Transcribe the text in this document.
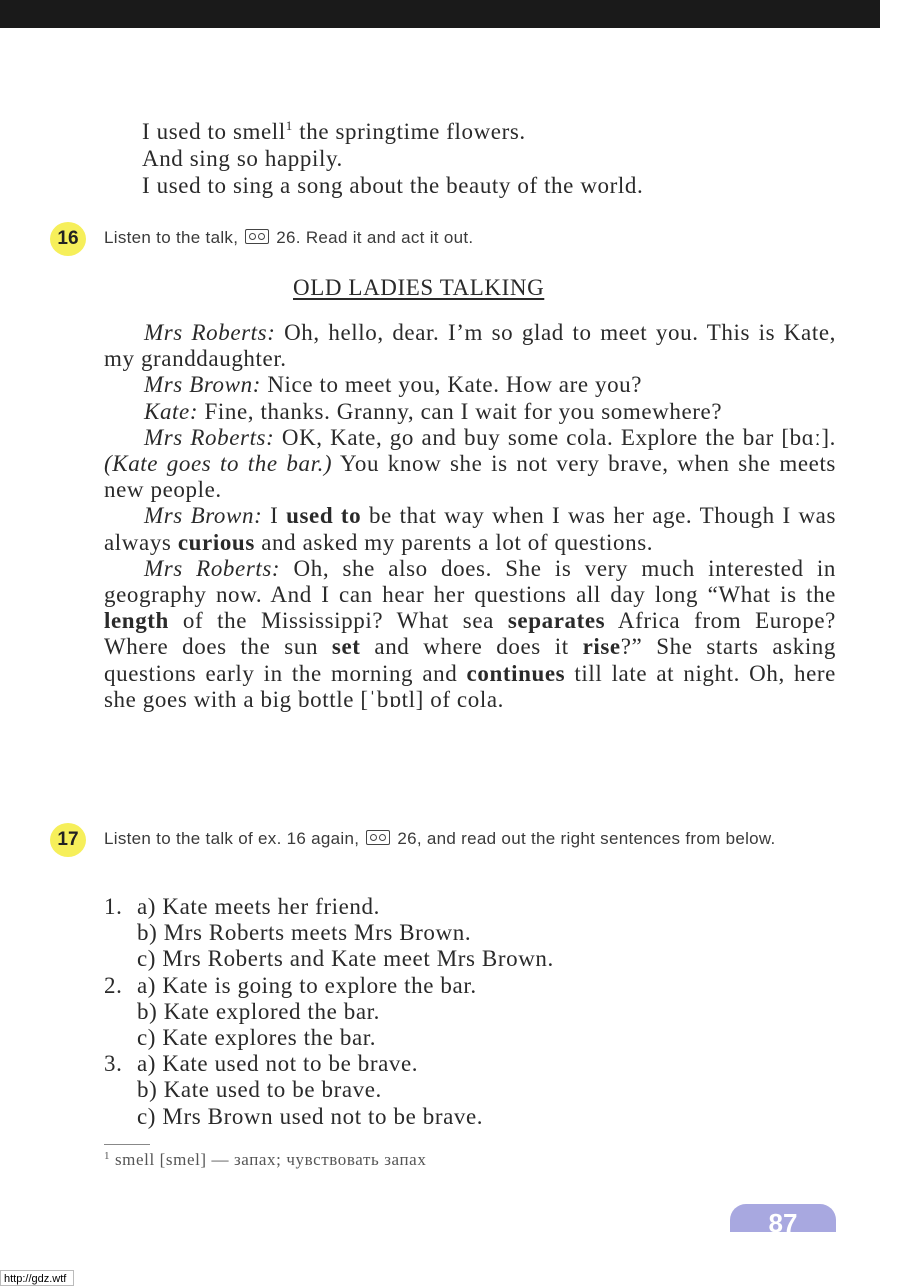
I used to smell$^1$ the springtime flowers.
And sing so happily.
I used to sing a song about the beauty of the world.
16	Listen to the talk, 26. Read it and act it out.
OLD LADIES TALKING

Mrs Roberts: Oh, hello, dear. I’m so glad to meet you. This is Kate, my granddaughter.

Mrs Brown: Nice to meet you, Kate. How are you?

Kate: Fine, thanks. Granny, can I wait for you somewhere?

Mrs Roberts: OK, Kate, go and buy some cola. Explore the bar [bɑː]. (Kate goes to the bar.) You know she is not very brave, when she meets new people.

Mrs Brown: I used to be that way when I was her age. Though I was always curious and asked my parents a lot of questions.

Mrs Roberts: Oh, she also does. She is very much interested in geography now. And I can hear her questions all day long “What is the length of the Mississippi? What sea separates Africa from Europe? Where does the sun set and where does it rise?” She starts asking questions early in the morning and continues till late at night. Oh, here she goes with a big bottle [ˈbɒtl] of cola.

17	Listen to the talk of ex. 16 again, 26, and read out the right sentences from below.
1. a) Kate meets her friend.
b) Mrs Roberts meets Mrs Brown.
c) Mrs Roberts and Kate meet Mrs Brown.
2. a) Kate is going to explore the bar.
b) Kate explored the bar.
c) Kate explores the bar.
3. a) Kate used not to be brave.
b) Kate used to be brave.
c) Mrs Brown used not to be brave.
$^1$ smell [smel] — запах; чувствовать запах
87
http://gdz.wtf
